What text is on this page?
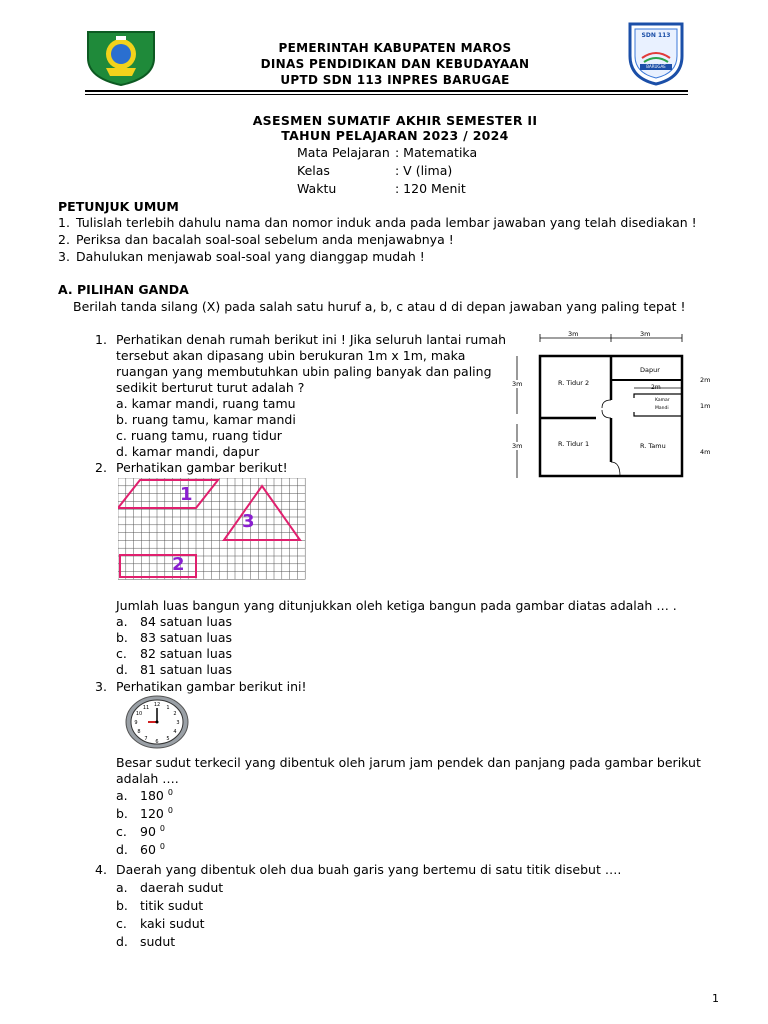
PEMERINTAH KABUPATEN MAROS
DINAS PENDIDIKAN DAN KEBUDAYAAN
UPTD SDN 113 INPRES BARUGAE
SDN 113
BARUGAE
ASESMEN SUMATIF AKHIR SEMESTER II
TAHUN PELAJARAN 2023 / 2024
Mata Pelajaran : Matematika
Kelas	: V (lima)
Waktu	: 120 Menit
PETUNJUK UMUM
1. Tulislah terlebih dahulu nama dan nomor induk anda pada lembar jawaban yang telah disediakan !
2. Periksa dan bacalah soal-soal sebelum anda menjawabnya !
3. Dahulukan menjawab soal-soal yang dianggap mudah !
A. PILIHAN GANDA
Berilah tanda silang (X) pada salah satu huruf a, b, c atau d di depan jawaban yang paling tepat !
1. Perhatikan denah rumah berikut ini ! Jika seluruh lantai rumah
tersebut akan dipasang ubin berukuran 1m x 1m, maka
ruangan yang membutuhkan ubin paling banyak dan paling
sedikit berturut turut adalah ?
a. kamar mandi, ruang tamu
b. ruang tamu, kamar mandi
c. ruang tamu, ruang tidur
d. kamar mandi, dapur
3m	3m
3m
3m
2m
1m
4m
R. Tidur 2
Dapur
2m
Kamar
Mandi
R. Tidur 1	R. Tamu
2. Perhatikan gambar berikut!
1
3
2
Jumlah luas bangun yang ditunjukkan oleh ketiga bangun pada gambar diatas adalah … .
a. 84 satuan luas
b. 83 satuan luas
c. 82 satuan luas
d. 81 satuan luas
3. Perhatikan gambar berikut ini!
12 1
2
3
4
5
6
7
8
9
10
11
Besar sudut terkecil yang dibentuk oleh jarum jam pendek dan panjang pada gambar berikut
adalah ….
a. 180 $^0$
b. 120 $^0$
c. 90 $^0$
d. 60 $^0$
4. Daerah yang dibentuk oleh dua buah garis yang bertemu di satu titik disebut ….
a. daerah sudut
b. titik sudut
c. kaki sudut
d. sudut
1
